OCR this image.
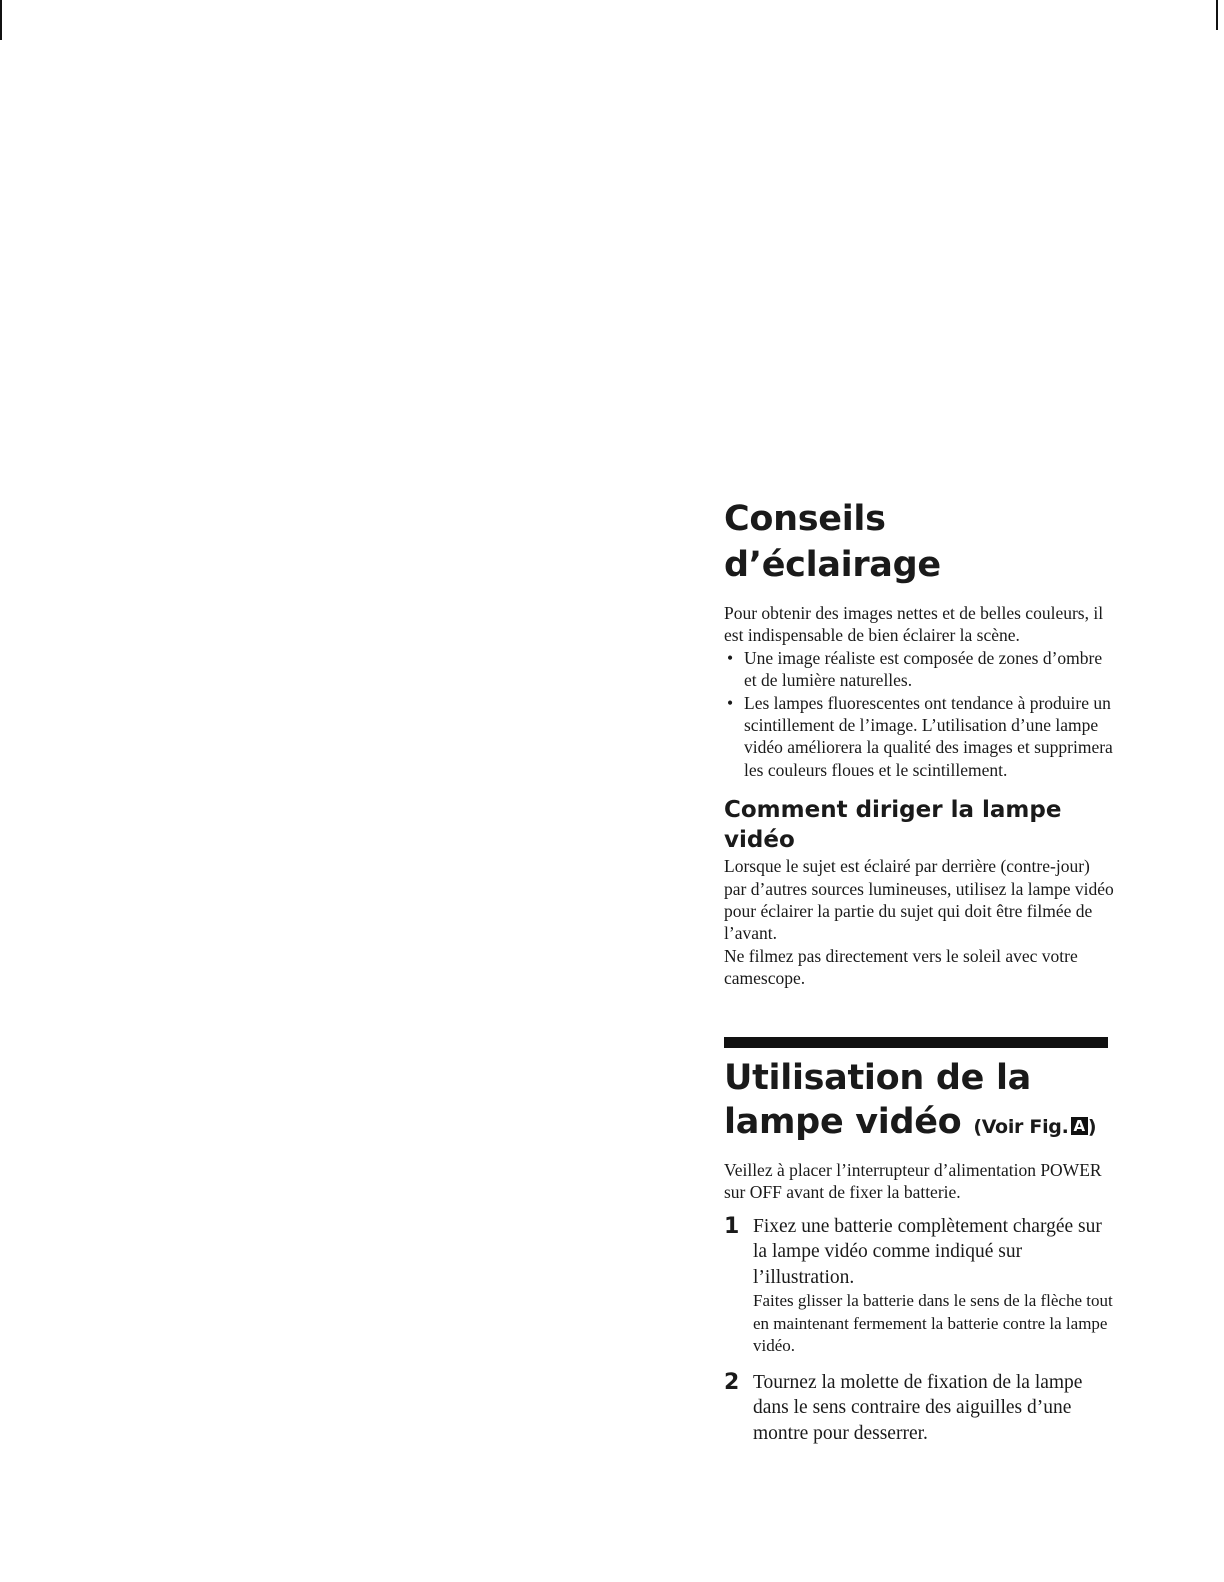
Conseils d’éclairage

Pour obtenir des images nettes et de belles couleurs, il est indispensable de bien éclairer la scène.

• Une image réaliste est composée de zones d’ombre et de lumière naturelles.
• Les lampes fluorescentes ont tendance à produire un scintillement de l’image. L’utilisation d’une lampe vidéo améliorera la qualité des images et supprimera les couleurs floues et le scintillement.
Comment diriger la lampe vidéo

Lorsque le sujet est éclairé par derrière (contre-jour) par d’autres sources lumineuses, utilisez la lampe vidéo pour éclairer la partie du sujet qui doit être filmée de l’avant.

Ne filmez pas directement vers le soleil avec votre camescope.

Utilisation de la lampe vidéo (Voir Fig. A )

Veillez à placer l’interrupteur d’alimentation POWER sur OFF avant de fixer la batterie.

1 Fixez une batterie complètement chargée sur la lampe vidéo comme indiqué sur l’illustration.
Faites glisser la batterie dans le sens de la flèche tout en maintenant fermement la batterie contre la lampe vidéo.
2 Tournez la molette de fixation de la lampe dans le sens contraire des aiguilles d’une montre pour desserrer.
